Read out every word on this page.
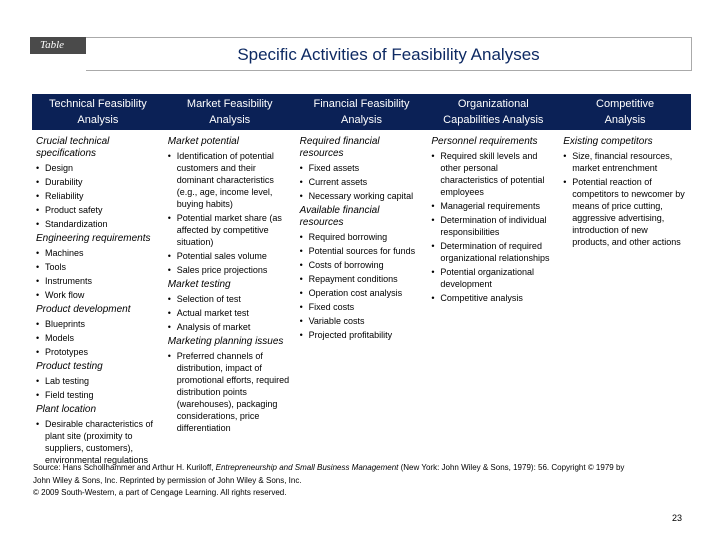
Table	Specific Activities of Feasibility Analyses
Technical Feasibility
Analysis
Market Feasibility
Analysis
Financial Feasibility
Analysis
Organizational
Capabilities Analysis
Competitive
Analysis
Crucial technical specifications
• Design
• Durability
• Reliability
• Product safety
• Standardization
Engineering requirements
• Machines
• Tools
• Instruments
• Work flow
Product development
• Blueprints
• Models
• Prototypes
Product testing
• Lab testing
• Field testing
Plant location
• Desirable characteristics of plant site (proximity to suppliers, customers), environmental regulations
Market potential
• Identification of potential customers and their dominant characteristics (e.g., age, income level, buying habits)
• Potential market share (as affected by competitive situation)
• Potential sales volume
• Sales price projections
Market testing
• Selection of test
• Actual market test
• Analysis of market
Marketing planning issues
• Preferred channels of distribution, impact of promotional efforts, required distribution points (warehouses), packaging considerations, price differentiation
Required financial resources
• Fixed assets
• Current assets
• Necessary working capital
Available financial resources
• Required borrowing
• Potential sources for funds
• Costs of borrowing
• Repayment conditions
• Operation cost analysis
• Fixed costs
• Variable costs
• Projected profitability
Personnel requirements
• Required skill levels and other personal characteristics of potential employees
• Managerial requirements
• Determination of individual responsibilities
• Determination of required organizational relationships
• Potential organizational development
• Competitive analysis
Existing competitors
• Size, financial resources, market entrenchment
• Potential reaction of competitors to newcomer by means of price cutting, aggressive advertising, introduction of new products, and other actions
Source: Hans Schollhammer and Arthur H. Kuriloff, Entrepreneurship and Small Business Management (New York: John Wiley & Sons, 1979): 56. Copyright © 1979 by John Wiley & Sons, Inc. Reprinted by permission of John Wiley & Sons, Inc.
© 2009 South-Western, a part of Cengage Learning. All rights reserved.
23
